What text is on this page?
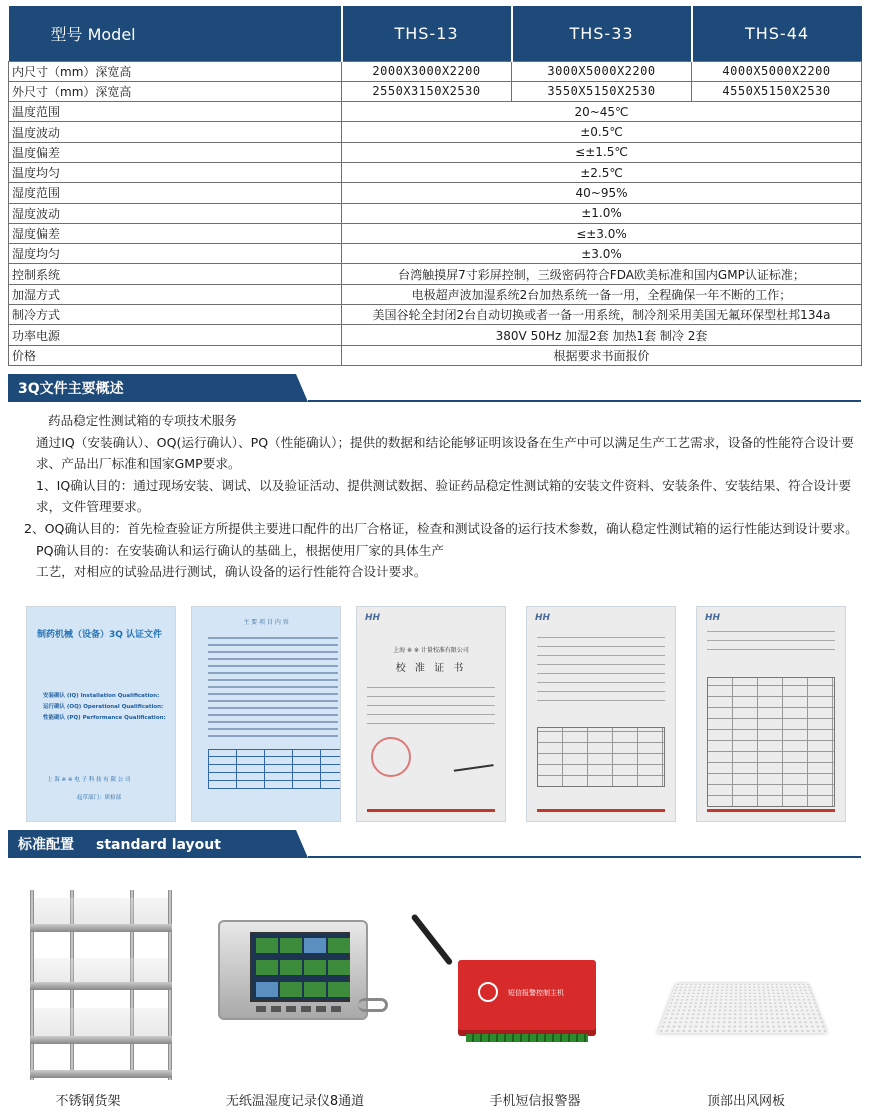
型号 Model	THS-13	THS-33	THS-44
内尺寸（mm）深宽高	2000X3000X2200	3000X5000X2200	4000X5000X2200
外尺寸（mm）深宽高	2550X3150X2530	3550X5150X2530	4550X5150X2530
温度范围	20~45℃		
温度波动	±0.5℃		
温度偏差	≤±1.5℃		
温度均匀	±2.5℃		
湿度范围	40~95%		
湿度波动	±1.0%		
湿度偏差	≤±3.0%		
湿度均匀	±3.0%		
控制系统	台湾触摸屏7寸彩屏控制，三级密码符合FDA欧美标准和国内GMP认证标准；		
加湿方式	电极超声波加湿系统2台加热系统一备一用，全程确保一年不断的工作；		
制冷方式	美国谷轮全封闭2台自动切换或者一备一用系统，制冷剂采用美国无氟环保型杜邦134a		
功率电源	380V 50Hz 加湿2套 加热1套 制冷 2套		
价格	根据要求书面报价		
3Q文件主要概述

药品稳定性测试箱的专项技术服务

通过IQ（安装确认）、OQ(运行确认）、PQ（性能确认）；提供的数据和结论能够证明该设备在生产中可以满足生产工艺需求，设备的性能符合设计要求、产品出厂标准和国家GMP要求。

1、IQ确认目的：通过现场安装、调试、以及验证活动、提供测试数据、验证药品稳定性测试箱的安装文件资料、安装条件、安装结果、符合设计要求，文件管理要求。

2、OQ确认目的：首先检查验证方所提供主要进口配件的出厂合格证，检查和测试设备的运行技术参数，确认稳定性测试箱的运行性能达到设计要求。

PQ确认目的：在安装确认和运行确认的基础上，根据使用厂家的具体生产

工艺，对相应的试验品进行测试，确认设备的运行性能符合设计要求。

制药机械（设备）3Q 认证文件
安装确认 (IQ) Installation Qualification:
运行确认 (OQ) Operational Qualification:
性能确认 (PQ) Performance Qualification:
上 海 ※ ※ 电 子 科 技 有 限 公 司
起草部门：质检部
主 要 项 目 内 容	HH
上海 ※ ※ 计量校准有限公司
校 准 证 书
HH	HH
标准配置 standard layout
不锈钢货架	无纸温湿度记录仪8通道
短信报警控制主机
手机短信报警器	顶部出风网板
